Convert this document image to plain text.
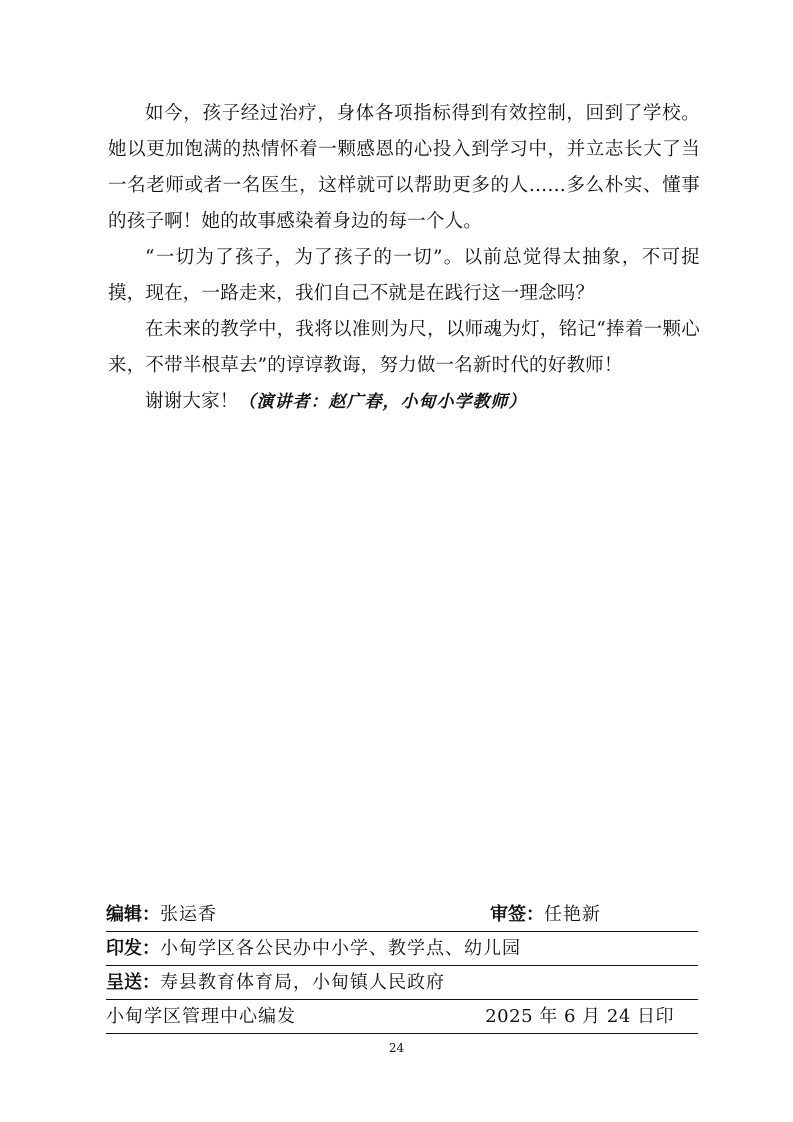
如今，孩子经过治疗，身体各项指标得到有效控制，回到了学校。她以更加饱满的热情怀着一颗感恩的心投入到学习中，并立志长大了当一名老师或者一名医生，这样就可以帮助更多的人……多么朴实、懂事的孩子啊！她的故事感染着身边的每一个人。

“一切为了孩子，为了孩子的一切”。以前总觉得太抽象，不可捉摸，现在，一路走来，我们自己不就是在践行这一理念吗？

在未来的教学中，我将以准则为尺，以师魂为灯，铭记“捧着一颗心来，不带半根草去”的谆谆教诲，努力做一名新时代的好教师！

谢谢大家！（演讲者：赵广春，小甸小学教师）

编辑：张运香	审签：任艳新
印发：小甸学区各公民办中小学、教学点、幼儿园
呈送：寿县教育体育局，小甸镇人民政府
小甸学区管理中心编发	2025 年 6 月 24 日印
24
